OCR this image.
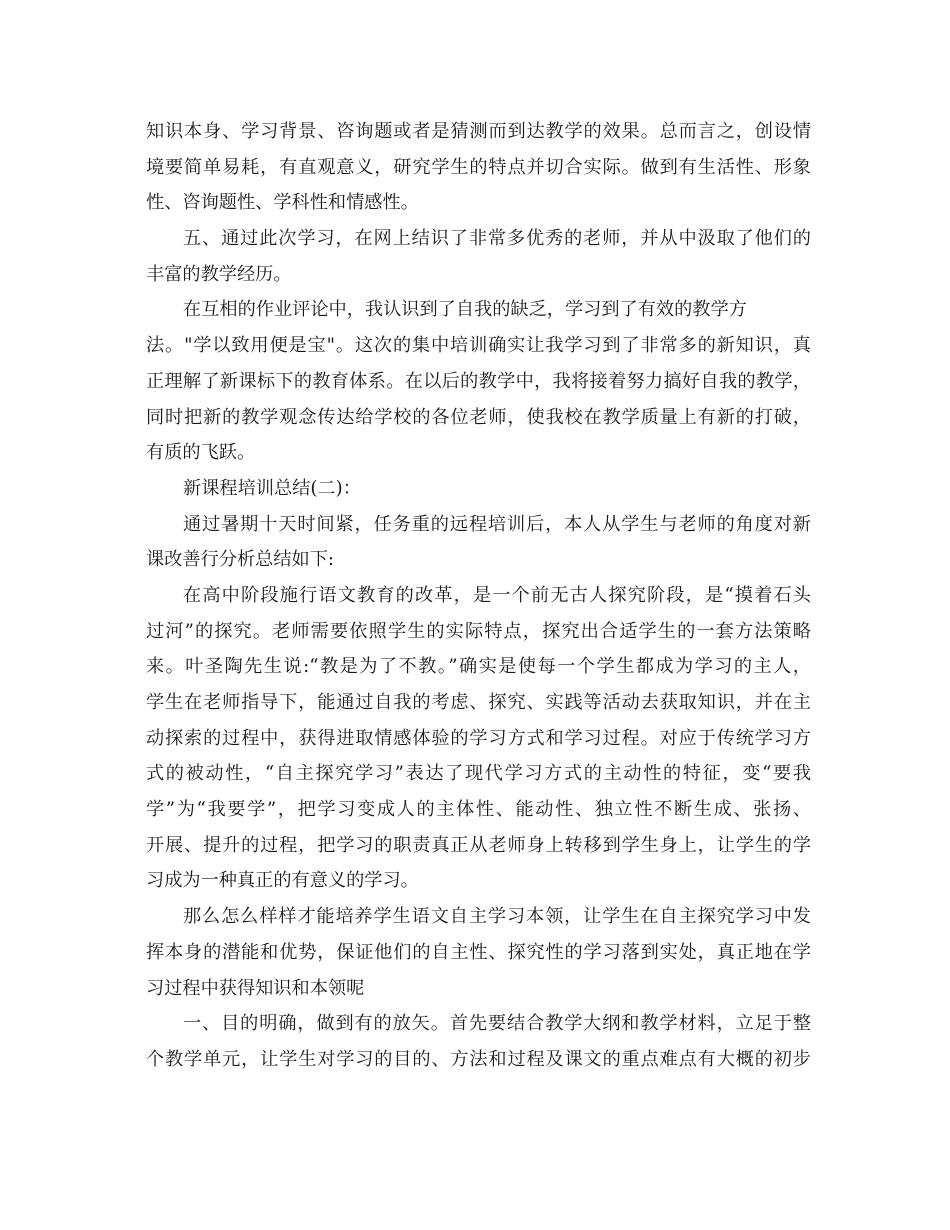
知识本身、学习背景、咨询题或者是猜测而到达教学的效果。总而言之，创设情
境要简单易耗，有直观意义，研究学生的特点并切合实际。做到有生活性、形象
性、咨询题性、学科性和情感性。
五、通过此次学习，在网上结识了非常多优秀的老师，并从中汲取了他们的
丰富的教学经历。
在互相的作业评论中，我认识到了自我的缺乏，学习到了有效的教学方
法。"学以致用便是宝"。这次的集中培训确实让我学习到了非常多的新知识，真
正理解了新课标下的教育体系。在以后的教学中，我将接着努力搞好自我的教学，
同时把新的教学观念传达给学校的各位老师，使我校在教学质量上有新的打破，
有质的飞跃。
新课程培训总结(二)：
通过暑期十天时间紧，任务重的远程培训后，本人从学生与老师的角度对新
课改善行分析总结如下:
在高中阶段施行语文教育的改革，是一个前无古人探究阶段，是“摸着石头
过河”的探究。老师需要依照学生的实际特点，探究出合适学生的一套方法策略
来。叶圣陶先生说:“教是为了不教。”确实是使每一个学生都成为学习的主人，
学生在老师指导下，能通过自我的考虑、探究、实践等活动去获取知识，并在主
动探索的过程中，获得进取情感体验的学习方式和学习过程。对应于传统学习方
式的被动性，“自主探究学习”表达了现代学习方式的主动性的特征，变“要我
学”为“我要学”，把学习变成人的主体性、能动性、独立性不断生成、张扬、
开展、提升的过程，把学习的职责真正从老师身上转移到学生身上，让学生的学
习成为一种真正的有意义的学习。
那么怎么样样才能培养学生语文自主学习本领，让学生在自主探究学习中发
挥本身的潜能和优势，保证他们的自主性、探究性的学习落到实处，真正地在学
习过程中获得知识和本领呢
一、目的明确，做到有的放矢。首先要结合教学大纲和教学材料，立足于整
个教学单元，让学生对学习的目的、方法和过程及课文的重点难点有大概的初步
